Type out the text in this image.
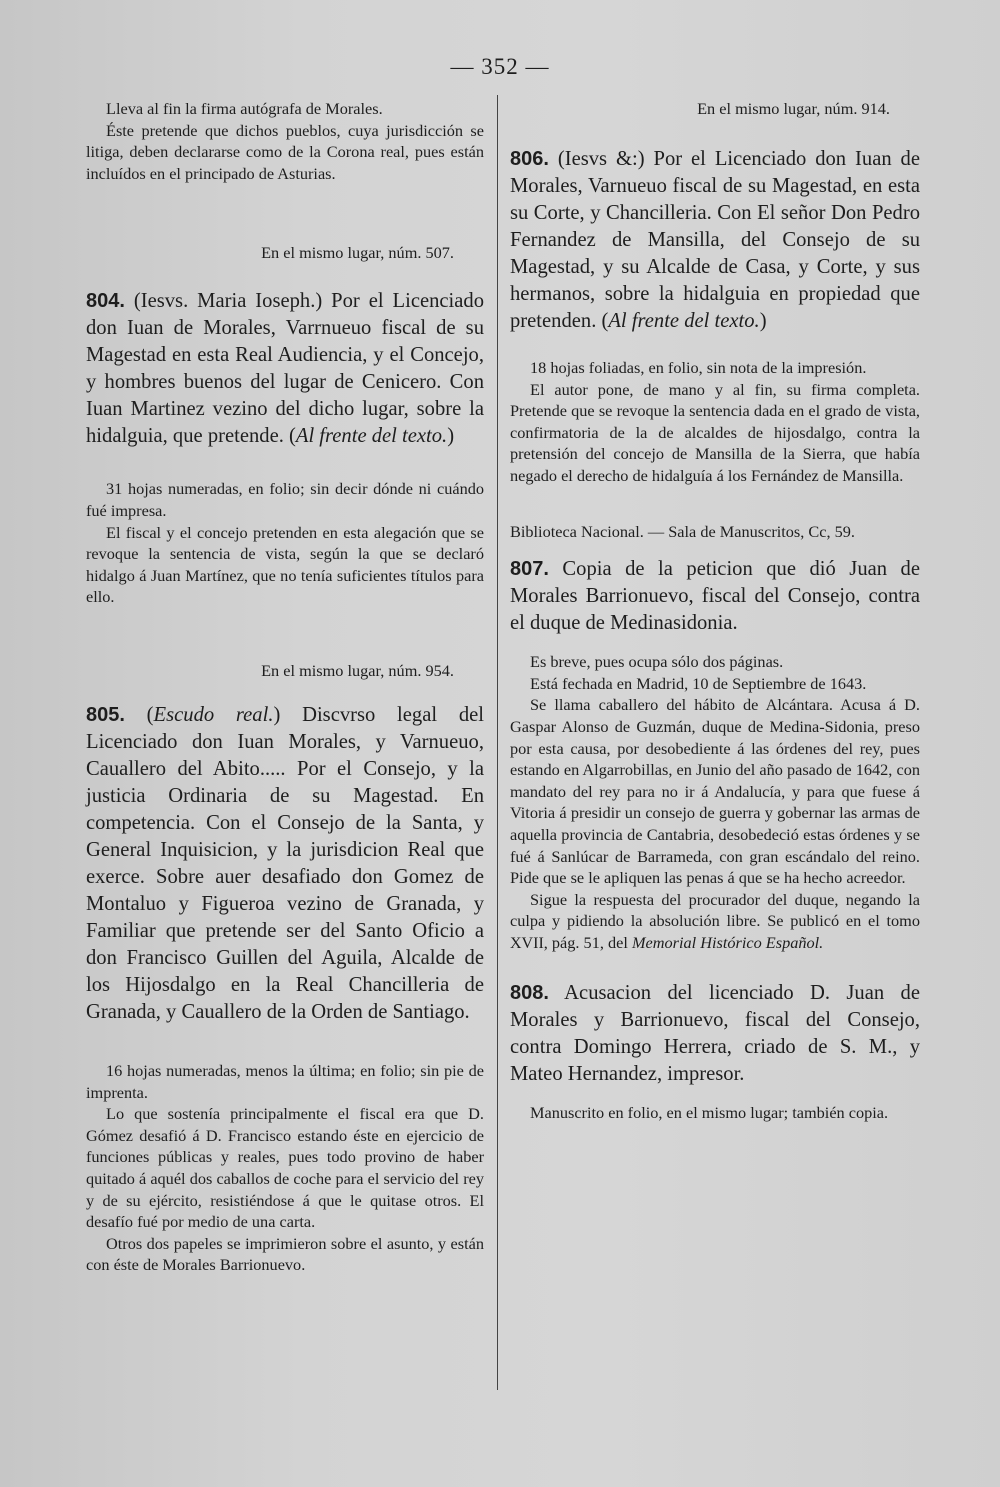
— 352 —

Lleva al fin la firma autógrafa de Morales.

Éste pretende que dichos pueblos, cuya jurisdicción se litiga, deben declararse como de la Corona real, pues están incluídos en el principado de Asturias.

En el mismo lugar, núm. 507.

804. (Iesvs. Maria Ioseph.) Por el Licenciado don Iuan de Morales, Varrnueuo fiscal de su Magestad en esta Real Audiencia, y el Concejo, y hombres buenos del lugar de Cenicero. Con Iuan Martinez vezino del dicho lugar, sobre la hidalguia, que pretende. (Al frente del texto.)

31 hojas numeradas, en folio; sin decir dónde ni cuándo fué impresa.

El fiscal y el concejo pretenden en esta alegación que se revoque la sentencia de vista, según la que se declaró hidalgo á Juan Martínez, que no tenía suficientes títulos para ello.

En el mismo lugar, núm. 954.

805. (Escudo real.) Discvrso legal del Licenciado don Iuan Morales, y Varnueuo, Cauallero del Abito..... Por el Consejo, y la justicia Ordinaria de su Magestad. En competencia. Con el Consejo de la Santa, y General Inquisicion, y la jurisdicion Real que exerce. Sobre auer desafiado don Gomez de Montaluo y Figueroa vezino de Granada, y Familiar que pretende ser del Santo Oficio a don Francisco Guillen del Aguila, Alcalde de los Hijosdalgo en la Real Chancilleria de Granada, y Cauallero de la Orden de Santiago.

16 hojas numeradas, menos la última; en folio; sin pie de imprenta.

Lo que sostenía principalmente el fiscal era que D. Gómez desafió á D. Francisco estando éste en ejercicio de funciones públicas y reales, pues todo provino de haber quitado á aquél dos caballos de coche para el servicio del rey y de su ejército, resistiéndose á que le quitase otros. El desafío fué por medio de una carta.

Otros dos papeles se imprimieron sobre el asunto, y están con éste de Morales Barrionuevo.

En el mismo lugar, núm. 914.

806. (Iesvs &:) Por el Licenciado don Iuan de Morales, Varnueuo fiscal de su Magestad, en esta su Corte, y Chancilleria. Con El señor Don Pedro Fernandez de Mansilla, del Consejo de su Magestad, y su Alcalde de Casa, y Corte, y sus hermanos, sobre la hidalguia en propiedad que pretenden. (Al frente del texto.)

18 hojas foliadas, en folio, sin nota de la impresión.

El autor pone, de mano y al fin, su firma completa. Pretende que se revoque la sentencia dada en el grado de vista, confirmatoria de la de alcaldes de hijosdalgo, contra la pretensión del concejo de Mansilla de la Sierra, que había negado el derecho de hidalguía á los Fernández de Mansilla.

Biblioteca Nacional. — Sala de Manuscritos, Cc, 59.

807. Copia de la peticion que dió Juan de Morales Barrionuevo, fiscal del Consejo, contra el duque de Medinasidonia.

Es breve, pues ocupa sólo dos páginas.

Está fechada en Madrid, 10 de Septiembre de 1643.

Se llama caballero del hábito de Alcántara. Acusa á D. Gaspar Alonso de Guzmán, duque de Medina-Sidonia, preso por esta causa, por desobediente á las órdenes del rey, pues estando en Algarrobillas, en Junio del año pasado de 1642, con mandato del rey para no ir á Andalucía, y para que fuese á Vitoria á presidir un consejo de guerra y gobernar las armas de aquella provincia de Cantabria, desobedeció estas órdenes y se fué á Sanlúcar de Barrameda, con gran escándalo del reino. Pide que se le apliquen las penas á que se ha hecho acreedor.

Sigue la respuesta del procurador del duque, negando la culpa y pidiendo la absolución libre. Se publicó en el tomo XVII, pág. 51, del Memorial Histórico Español.

808. Acusacion del licenciado D. Juan de Morales y Barrionuevo, fiscal del Consejo, contra Domingo Herrera, criado de S. M., y Mateo Hernandez, impresor.

Manuscrito en folio, en el mismo lugar; también copia.
